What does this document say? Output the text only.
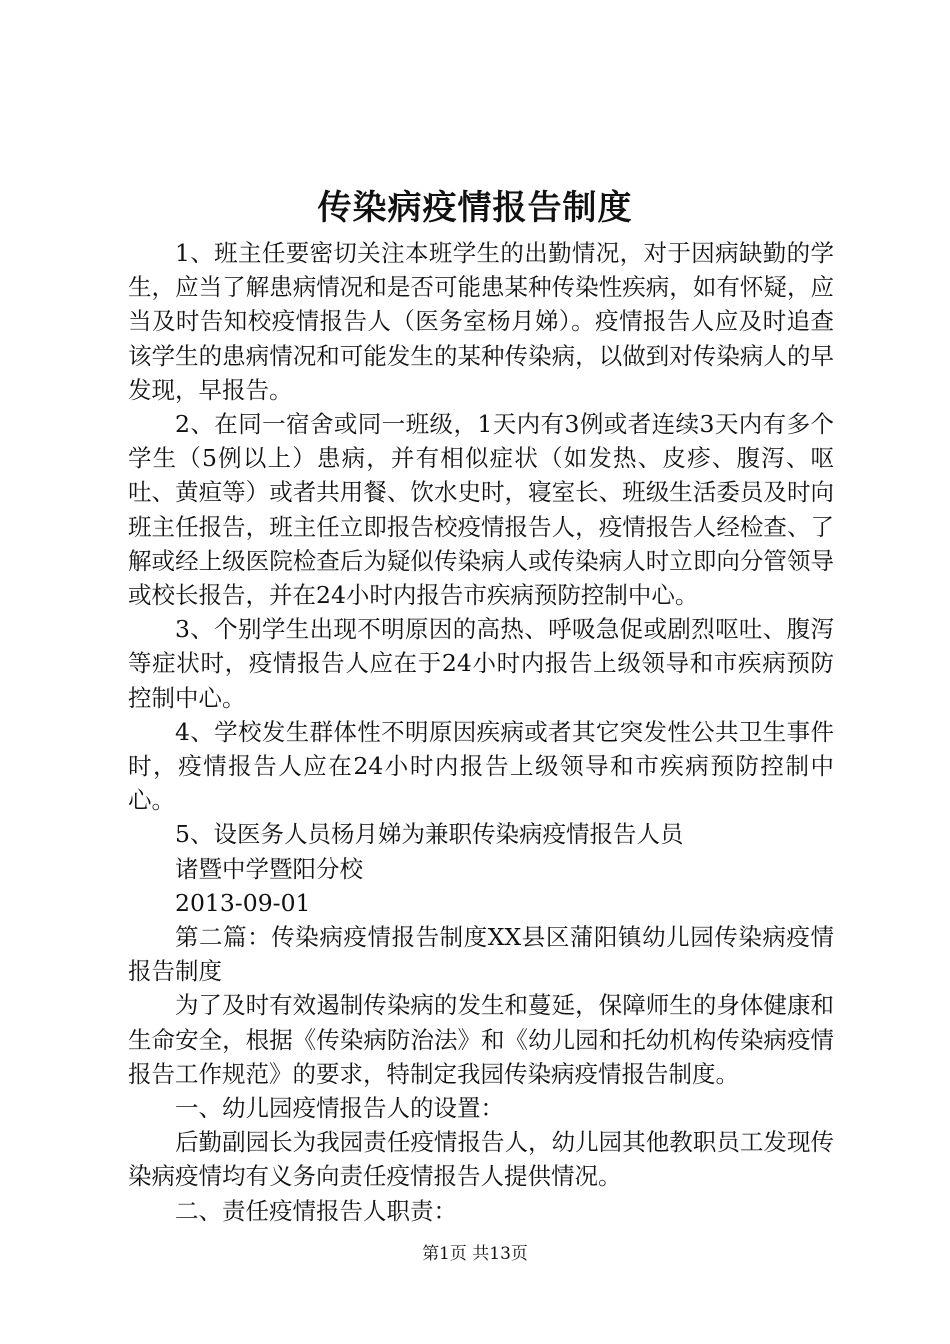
传染病疫情报告制度

1、班主任要密切关注本班学生的出勤情况，对于因病缺勤的学生，应当了解患病情况和是否可能患某种传染性疾病，如有怀疑，应当及时告知校疫情报告人（医务室杨月娣）。疫情报告人应及时追查该学生的患病情况和可能发生的某种传染病，以做到对传染病人的早发现，早报告。

2、在同一宿舍或同一班级，1天内有3例或者连续3天内有多个学生（5例以上）患病，并有相似症状（如发热、皮疹、腹泻、呕吐、黄疸等）或者共用餐、饮水史时，寝室长、班级生活委员及时向班主任报告，班主任立即报告校疫情报告人，疫情报告人经检查、了解或经上级医院检查后为疑似传染病人或传染病人时立即向分管领导或校长报告，并在24小时内报告市疾病预防控制中心。

3、个别学生出现不明原因的高热、呼吸急促或剧烈呕吐、腹泻等症状时，疫情报告人应在于24小时内报告上级领导和市疾病预防控制中心。

4、学校发生群体性不明原因疾病或者其它突发性公共卫生事件时，疫情报告人应在24小时内报告上级领导和市疾病预防控制中心。

5、设医务人员杨月娣为兼职传染病疫情报告人员

诸暨中学暨阳分校

2013-09-01

第二篇：传染病疫情报告制度XX县区蒲阳镇幼儿园传染病疫情报告制度

为了及时有效遏制传染病的发生和蔓延，保障师生的身体健康和生命安全，根据《传染病防治法》和《幼儿园和托幼机构传染病疫情报告工作规范》的要求，特制定我园传染病疫情报告制度。

一、幼儿园疫情报告人的设置：

后勤副园长为我园责任疫情报告人，幼儿园其他教职员工发现传染病疫情均有义务向责任疫情报告人提供情况。

二、责任疫情报告人职责：

第1页 共13页
